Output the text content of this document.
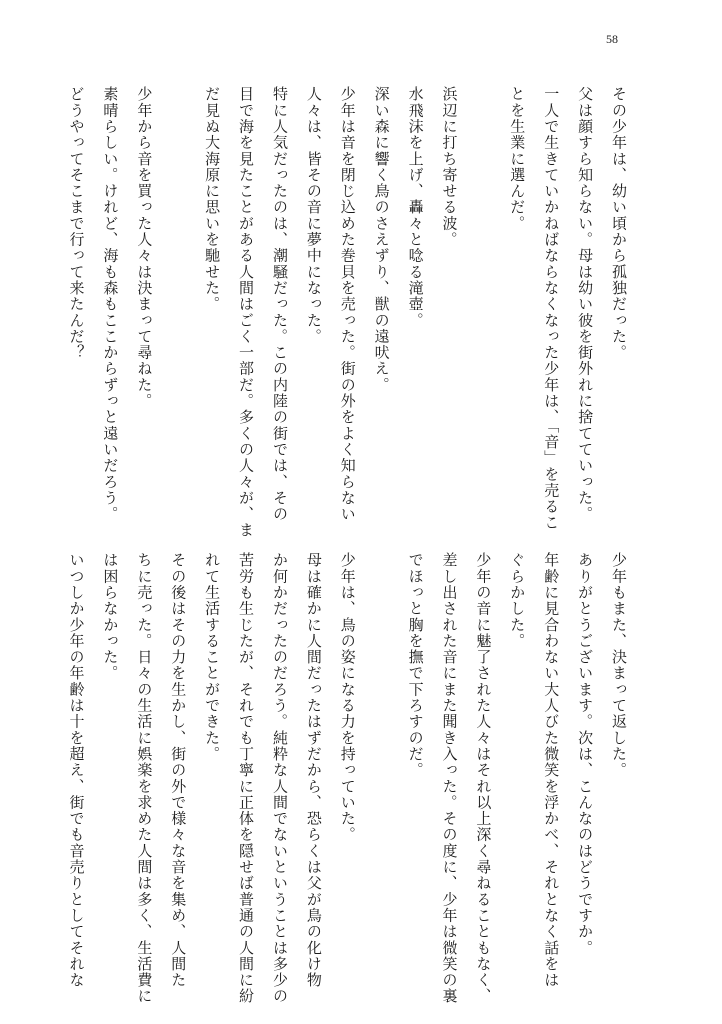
58
その少年は、幼い頃から孤独だった。
父は顔すら知らない。母は幼い彼を街外れに捨てていった。
一人で生きていかねばならなくなった少年は、「音」を売るこ
とを生業に選んだ。

浜辺に打ち寄せる波。
水飛沫を上げ、轟々と唸る滝壺。
深い森に響く鳥のさえずり、獣の遠吠え。
少年は音を閉じ込めた巻貝を売った。街の外をよく知らない
人々は、皆その音に夢中になった。
特に人気だったのは、潮騒だった。この内陸の街では、その
目で海を見たことがある人間はごく一部だ。多くの人々が、ま
だ見ぬ大海原に思いを馳せた。

少年から音を買った人々は決まって尋ねた。
素晴らしい。けれど、海も森もここからずっと遠いだろう。
どうやってそこまで行って来たんだ？
少年もまた、決まって返した。
ありがとうございます。次は、こんなのはどうですか。
年齢に見合わない大人びた微笑を浮かべ、それとなく話をは
ぐらかした。
少年の音に魅了された人々はそれ以上深く尋ねることもなく、
差し出された音にまた聞き入った。その度に、少年は微笑の裏
でほっと胸を撫で下ろすのだ。

少年は、鳥の姿になる力を持っていた。
母は確かに人間だったはずだから、恐らくは父が鳥の化け物
か何かだったのだろう。純粋な人間でないということは多少の
苦労も生じたが、それでも丁寧に正体を隠せば普通の人間に紛
れて生活することができた。
その後はその力を生かし、街の外で様々な音を集め、人間た
ちに売った。日々の生活に娯楽を求めた人間は多く、生活費に
は困らなかった。
いつしか少年の年齢は十を超え、街でも音売りとしてそれな
